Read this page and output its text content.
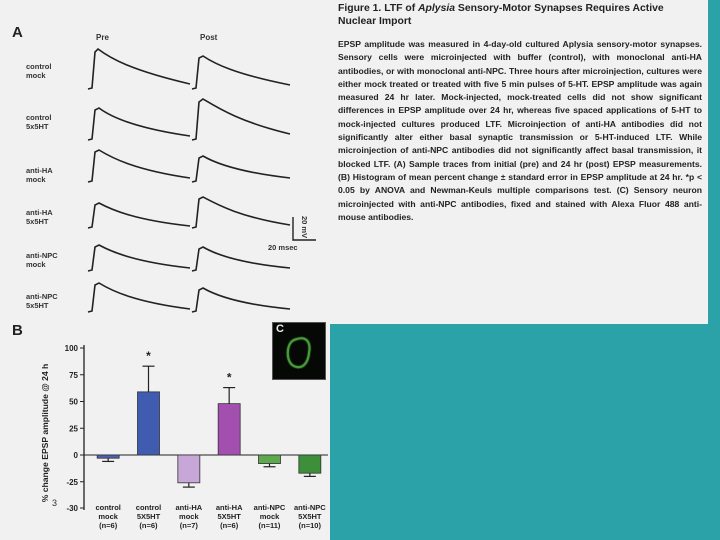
A	Pre	Post
control
mock
control
5x5HT
anti-HA
mock
anti-HA
5x5HT
anti-NPC
mock
anti-NPC
5x5HT
B
Figure 1. LTF of Aplysia Sensory-Motor Synapses Requires Active Nuclear Import
EPSP amplitude was measured in 4-day-old cultured Aplysia sensory-motor synapses. Sensory cells were microinjected with buffer (control), with monoclonal anti-HA antibodies, or with monoclonal anti-NPC. Three hours after microinjection, cultures were either mock treated or treated with five 5 min pulses of 5-HT. EPSP amplitude was again measured 24 hr later. Mock-injected, mock-treated cells did not show significant differences in EPSP amplitude over 24 hr, whereas five spaced applications of 5-HT to mock-injected cultures produced LTF. Microinjection of anti-HA antibodies did not significantly alter either basal synaptic transmission or 5-HT-induced LTF. While microinjection of anti-NPC antibodies did not significantly affect basal transmission, it blocked LTF. (A) Sample traces from initial (pre) and 24 hr (post) EPSP measurements. (B) Histogram of mean percent change ± standard error in EPSP amplitude at 24 hr. *p < 0.05 by ANOVA and Newman-Keuls multiple comparisons test. (C) Sensory neuron microinjected with anti-NPC antibodies, fixed and stained with Alexa Fluor 488 anti-mouse antibodies.
C
20 mV
20 msec
-30
-25
0
25
50
75
100
% change EPSP amplitude @ 24 h
control
mock
(n=6)
*
control
5X5HT
(n=6)
anti-HA
mock
(n=7)
*
anti-HA
5X5HT
(n=6)
anti-NPC
mock
(n=11)
anti-NPC
5X5HT
(n=10)
3
